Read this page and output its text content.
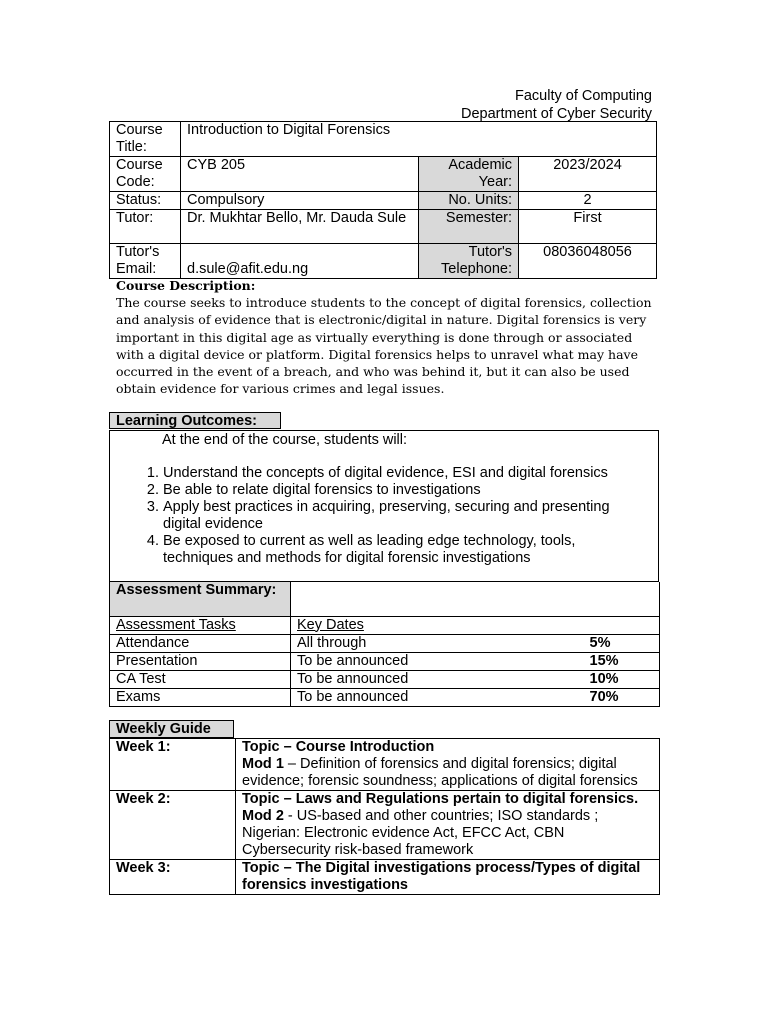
Faculty of Computing
Department of Cyber Security
Course Title:	Introduction to Digital Forensics		
Course Code:	CYB 205	Academic Year:	2023/2024
Status:	Compulsory	No. Units:	2
Tutor:	Dr. Mukhtar Bello, Mr. Dauda Sule	Semester:	First
Tutor's Email:	d.sule@afit.edu.ng	Tutor's Telephone:	08036048056
Course Description:
The course seeks to introduce students to the concept of digital forensics, collection and analysis of evidence that is electronic/digital in nature. Digital forensics is very important in this digital age as virtually everything is done through or associated with a digital device or platform. Digital forensics helps to unravel what may have occurred in the event of a breach, and who was behind it, but it can also be used obtain evidence for various crimes and legal issues.
Learning Outcomes:
At the end of the course, students will:
1. Understand the concepts of digital evidence, ESI and digital forensics
2. Be able to relate digital forensics to investigations
3. Apply best practices in acquiring, preserving, securing and presenting digital evidence
4. Be exposed to current as well as leading edge technology, tools, techniques and methods for digital forensic investigations
Assessment Summary:		
Assessment Tasks	Key Dates	
Attendance	All through	5%
Presentation	To be announced	15%
CA Test	To be announced	10%
Exams	To be announced	70%
Weekly Guide
Week 1:	Topic – Course Introduction
Mod 1 – Definition of forensics and digital forensics; digital evidence; forensic soundness; applications of digital forensics

Week 2:	Topic – Laws and Regulations pertain to digital forensics.
Mod 2 - US-based and other countries; ISO standards ; Nigerian: Electronic evidence Act, EFCC Act, CBN Cybersecurity risk-based framework

Week 3:	Topic – The Digital investigations process/Types of digital forensics investigations
